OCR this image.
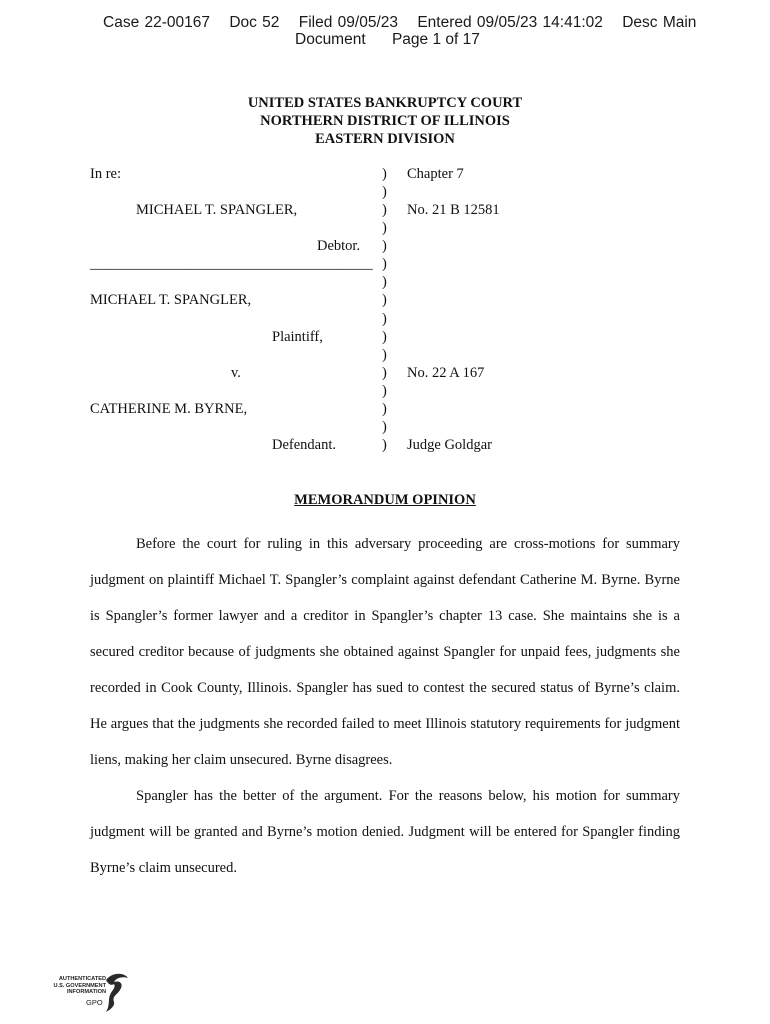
Case 22-00167 Doc 52 Filed 09/05/23 Entered 09/05/23 14:41:02 Desc Main
Document Page 1 of 17
UNITED STATES BANKRUPTCY COURT
NORTHERN DISTRICT OF ILLINOIS
EASTERN DIVISION
In re:
MICHAEL T. SPANGLER,
Debtor.
_______________________________________
MICHAEL T. SPANGLER,
Plaintiff,
v.
CATHERINE M. BYRNE,
Defendant.
Chapter 7
No. 21 B 12581
No. 22 A 167
Judge Goldgar
)
)
)
)
)
)
)
)
)
)
)
)
)
)
)
)
MEMORANDUM OPINION

Before the court for ruling in this adversary proceeding are cross-motions for summary judgment on plaintiff Michael T. Spangler’s complaint against defendant Catherine M. Byrne. Byrne is Spangler’s former lawyer and a creditor in Spangler’s chapter 13 case. She maintains she is a secured creditor because of judgments she obtained against Spangler for unpaid fees, judgments she recorded in Cook County, Illinois. Spangler has sued to contest the secured status of Byrne’s claim. He argues that the judgments she recorded failed to meet Illinois statutory requirements for judgment liens, making her claim unsecured. Byrne disagrees.

Spangler has the better of the argument. For the reasons below, his motion for summary judgment will be granted and Byrne’s motion denied. Judgment will be entered for Spangler finding Byrne’s claim unsecured.

AUTHENTICATED
U.S. GOVERNMENT
INFORMATION
GPO
